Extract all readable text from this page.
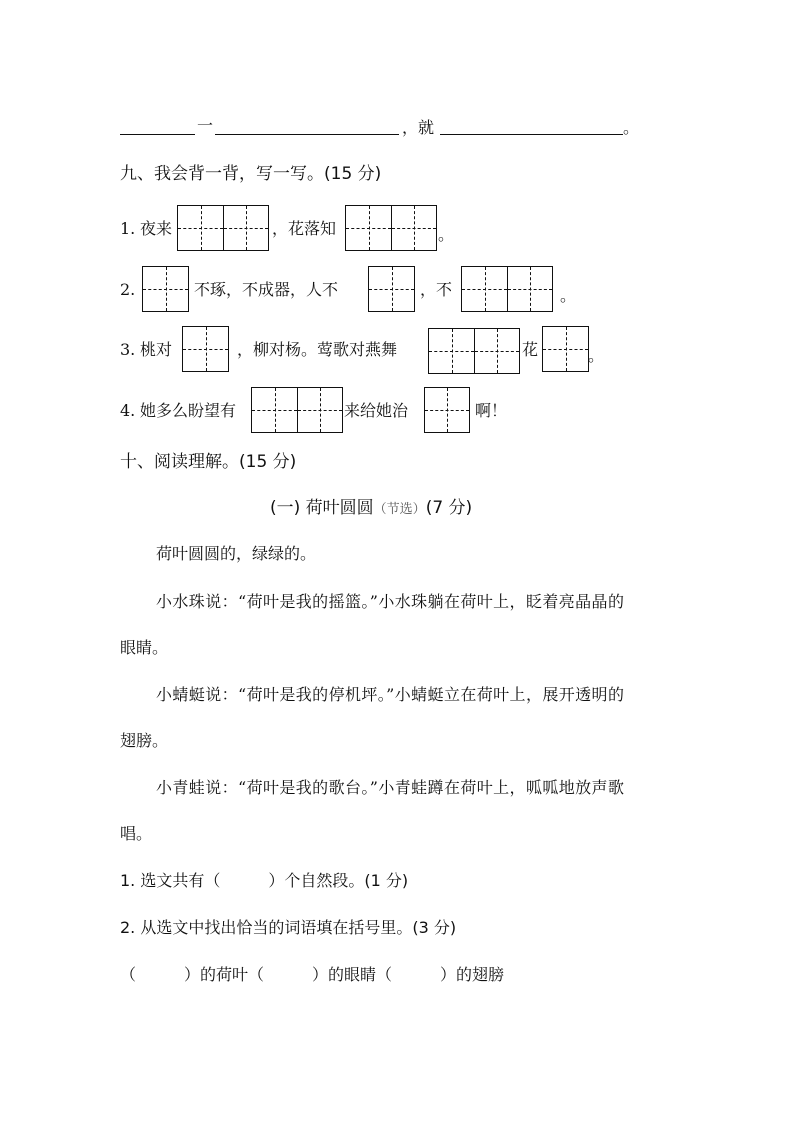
一	，就	。
九、我会背一背，写一写。(15 分)
1. 夜来	，花落知	。
2.	不琢，不成器，人不	，不	。
3. 桃对	，柳对杨。莺歌对燕舞	花	。
4. 她多么盼望有	来给她治	啊！
十、阅读理解。(15 分)
(一) 荷叶圆圆（节选）(7 分)
荷叶圆圆的，绿绿的。
小水珠说：“荷叶是我的摇篮。”小水珠躺在荷叶上，眨着亮晶晶的
眼睛。
小蜻蜓说：“荷叶是我的停机坪。”小蜻蜓立在荷叶上，展开透明的
翅膀。
小青蛙说：“荷叶是我的歌台。”小青蛙蹲在荷叶上，呱呱地放声歌
唱。
1. 选文共有（　　　）个自然段。(1 分)
2. 从选文中找出恰当的词语填在括号里。(3 分)
（　　　）的荷叶（　　　）的眼睛（　　　）的翅膀
